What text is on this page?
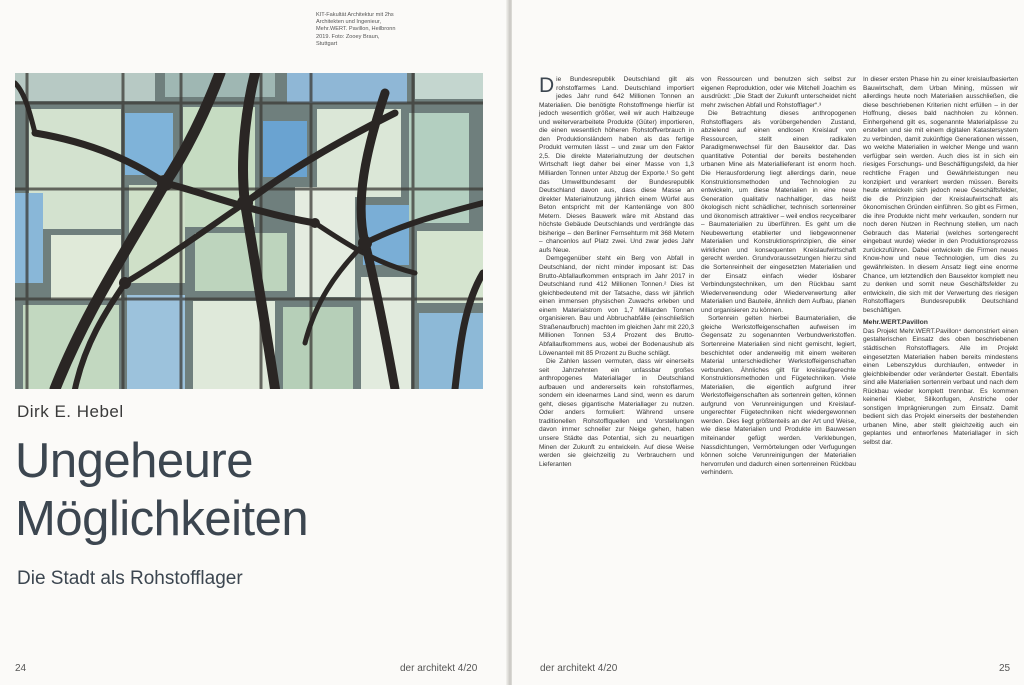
KIT-Fakultät Architektur mit 2hs Architekten und Ingenieur, Mehr.WERT. Pavillon, Heilbronn 2019. Foto: Zooey Braun, Stuttgart
Dirk E. Hebel
Ungeheure
Möglichkeiten
Die Stadt als Rohstofflager
24	der architekt 4/20

Die Bundesrepublik Deutschland gilt als rohstoffarmes Land. Deutschland importiert jedes Jahr rund 642 Millionen Tonnen an Materialien. Die benötigte Rohstoffmenge hierfür ist jedoch wesentlich größer, weil wir auch Halbzeuge und weiterverarbeitete Produkte (Güter) importieren, die einen wesentlich höheren Rohstoffverbrauch in den Produktionsländern haben als das fertige Produkt vermuten lässt – und zwar um den Faktor 2,5. Die direkte Materialnutzung der deutschen Wirtschaft liegt daher bei einer Masse von 1,3 Milliarden Tonnen unter Abzug der Exporte.¹ So geht das Umweltbundesamt der Bundesrepublik Deutschland davon aus, dass diese Masse an direkter Materialnutzung jährlich einem Würfel aus Beton entspricht mit der Kantenlänge von 800 Metern. Dieses Bauwerk wäre mit Abstand das höchste Gebäude Deutschlands und verdrängte das bisherige – den Berliner Fernsehturm mit 368 Metern – chancenlos auf Platz zwei. Und zwar jedes Jahr aufs Neue.

Demgegenüber steht ein Berg von Abfall in Deutschland, der nicht minder imposant ist: Das Brutto-Abfallaufkommen entsprach im Jahr 2017 in Deutschland rund 412 Millionen Tonnen.² Dies ist gleichbedeutend mit der Tatsache, dass wir jährlich einen immensen physischen Zuwachs erleben und einem Materialstrom von 1,7 Milliarden Tonnen organisieren. Bau und Abbruchabfälle (einschließlich Straßenaufbruch) machten im gleichen Jahr mit 220,3 Millionen Tonnen 53,4 Prozent des Brutto-Abfallaufkommens aus, wobei der Bodenaushub als Löwenanteil mit 85 Prozent zu Buche schlägt.

Die Zahlen lassen vermuten, dass wir einerseits seit Jahrzehnten ein unfassbar großes anthropogenes Materiallager in Deutschland aufbauen und andererseits kein rohstoffarmes, sondern ein ideenarmes Land sind, wenn es darum geht, dieses gigantische Materiallager zu nutzen. Oder anders formuliert: Während unsere traditionellen Rohstofflquellen und Vorstellungen davon immer schneller zur Neige gehen, haben unsere Städte das Potential, sich zu neuartigen Minen der Zukunft zu entwickeln. Auf diese Weise werden sie gleichzeitig zu Verbrauchern und Lieferanten

von Ressourcen und benutzen sich selbst zur eigenen Reproduktion, oder wie Mitchell Joachim es ausdrückt: „Die Stadt der Zukunft unterscheidet nicht mehr zwischen Abfall und Rohstofflager“.³

Die Betrachtung dieses anthropogenen Rohstofflagers als vorübergehenden Zustand, abzielend auf einen endlosen Kreislauf von Ressourcen, stellt einen radikalen Paradigmenwechsel für den Bausektor dar. Das quantitative Potential der bereits bestehenden urbanen Mine als Materiallieferant ist enorm hoch. Die Herausforderung liegt allerdings darin, neue Konstruktionsmethoden und Technologien zu entwickeln, um diese Materialien in eine neue Generation qualitativ nachhaltiger, das heißt ökologisch nicht schädlicher, technisch sortenreiner und ökonomisch attraktiver – weil endlos recycelbarer – Baumaterialien zu überführen. Es geht um die Neubewertung etablierter und liebgewonnener Materialien und Konstruktionsprinzipien, die einer wirklichen und konsequenten Kreislaufwirtschaft gerecht werden. Grundvoraussetzungen hierzu sind die Sortenreinheit der eingesetzten Materialien und der Einsatz einfach wieder lösbarer Verbindungstechniken, um den Rückbau samt Wiederverwendung oder Wiederverwertung aller Materialien und Bauteile, ähnlich dem Aufbau, planen und organisieren zu können.

Sortenrein gelten hierbei Baumaterialien, die gleiche Werkstoffeigenschaften aufweisen im Gegensatz zu sogenannten Verbundwerkstoffen. Sortenreine Materialien sind nicht gemischt, legiert, beschichtet oder anderweitig mit einem weiteren Material unterschiedlicher Werkstoffeigenschaften verbunden. Ähnliches gilt für kreislaufgerechte Konstruktionsmethoden und Fügetechniken. Viele Materialien, die eigentlich aufgrund ihrer Werkstoffeigenschaften als sortenrein gelten, können aufgrund von Verunreinigungen und Kreislauf-ungerechter Fügetechniken nicht wiedergewonnen werden. Dies liegt größtenteils an der Art und Weise, wie diese Materialien und Produkte im Bauwesen miteinander gefügt werden. Verklebungen, Nassdichtungen, Vermörtelungen oder Verfugungen können solche Verunreinigungen der Materialien hervorrufen und dadurch einen sortenreinen Rückbau verhindern.

In dieser ersten Phase hin zu einer kreislaufbasierten Bauwirtschaft, dem Urban Mining, müssen wir allerdings heute noch Materialien ausschließen, die diese beschriebenen Kriterien nicht erfüllen – in der Hoffnung, dieses bald nachholen zu können. Einhergehend gilt es, sogenannte Materialpässe zu erstellen und sie mit einem digitalen Katastersystem zu verbinden, damit zukünftige Generationen wissen, wo welche Materialien in welcher Menge und wann verfügbar sein werden. Auch dies ist in sich ein riesiges Forschungs- und Beschäftigungsfeld, da hier rechtliche Fragen und Gewährleistungen neu konzipiert und verankert werden müssen. Bereits heute entwickeln sich jedoch neue Geschäftsfelder, die die Prinzipien der Kreislaufwirtschaft als ökonomischen Gründen einführen. So gibt es Firmen, die ihre Produkte nicht mehr verkaufen, sondern nur noch deren Nutzen in Rechnung stellen, um nach Gebrauch das Material (welches sortengerecht eingebaut wurde) wieder in den Produktionsprozess zurückzuführen. Dabei entwickeln die Firmen neues Know-how und neue Technologien, um dies zu gewährleisten. In diesem Ansatz liegt eine enorme Chance, um letztendlich den Bausektor komplett neu zu denken und somit neue Geschäftsfelder zu entwickeln, die sich mit der Verwertung des riesigen Rohstofflagers Bundesrepublik Deutschland beschäftigen.

Mehr.WERT.Pavillon

Das Projekt Mehr.WERT.Pavillon⁴ demonstriert einen gestalterischen Einsatz des oben beschriebenen städtischen Rohstofflagers. Alle im Projekt eingesetzten Materialien haben bereits mindestens einen Lebenszyklus durchlaufen, entweder in gleichbleibender oder veränderter Gestalt. Ebenfalls sind alle Materialien sortenrein verbaut und nach dem Rückbau wieder komplett trennbar. Es kommen keinerlei Kleber, Silikonfugen, Anstriche oder sonstigen Imprägnierungen zum Einsatz. Damit bedient sich das Projekt einerseits der bestehenden urbanen Mine, aber stellt gleichzeitig auch ein geplantes und entworfenes Materiallager in sich selbst dar.

der architekt 4/20	25
